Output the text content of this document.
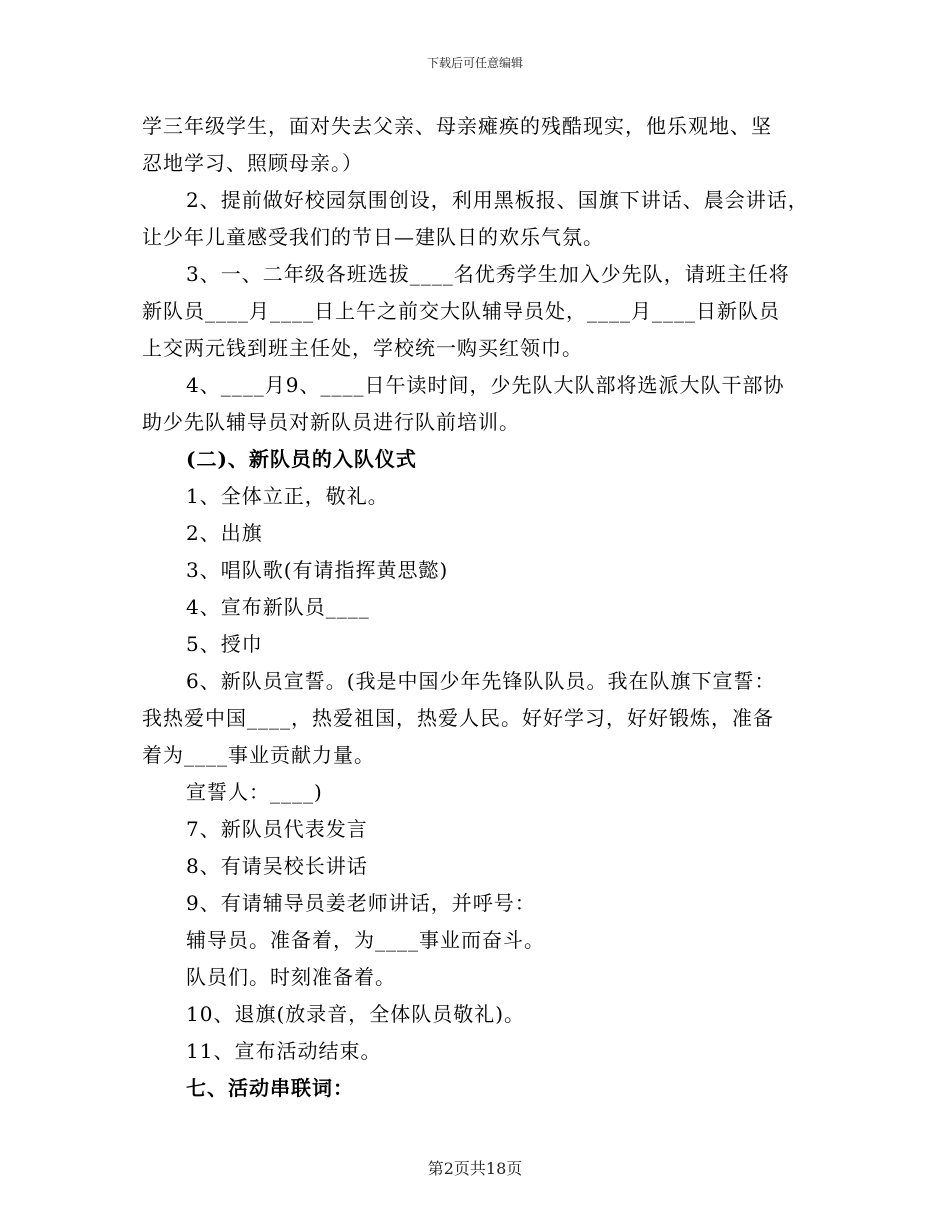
下载后可任意编辑
学三年级学生，面对失去父亲、母亲瘫痪的残酷现实，他乐观地、坚
忍地学习、照顾母亲。）
2、提前做好校园氛围创设，利用黑板报、国旗下讲话、晨会讲话，
让少年儿童感受我们的节日—建队日的欢乐气氛。
3、一、二年级各班选拔____名优秀学生加入少先队，请班主任将
新队员____月____日上午之前交大队辅导员处，____月____日新队员
上交两元钱到班主任处，学校统一购买红领巾。
4、____月9、____日午读时间，少先队大队部将选派大队干部协
助少先队辅导员对新队员进行队前培训。
(二)、新队员的入队仪式
1、全体立正，敬礼。
2、出旗
3、唱队歌(有请指挥黄思懿)
4、宣布新队员____
5、授巾
6、新队员宣誓。(我是中国少年先锋队队员。我在队旗下宣誓：
我热爱中国____，热爱祖国，热爱人民。好好学习，好好锻炼，准备
着为____事业贡献力量。
宣誓人：____)
7、新队员代表发言
8、有请吴校长讲话
9、有请辅导员姜老师讲话，并呼号：
辅导员。准备着，为____事业而奋斗。
队员们。时刻准备着。
10、退旗(放录音，全体队员敬礼)。
11、宣布活动结束。
七、活动串联词：
第2页共18页
